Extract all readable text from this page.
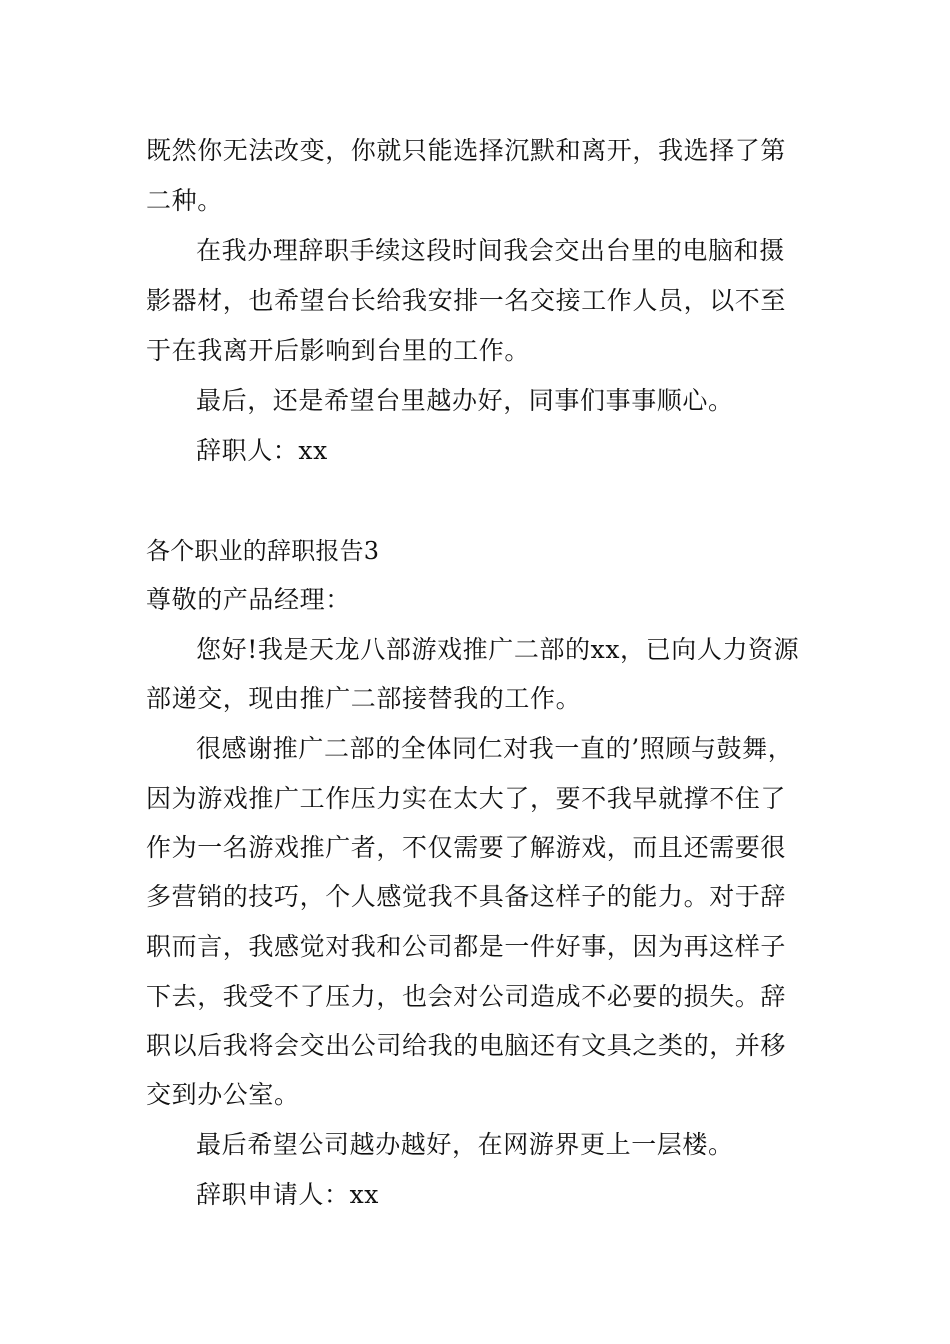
既然你无法改变，你就只能选择沉默和离开，我选择了第
二种。
在我办理辞职手续这段时间我会交出台里的电脑和摄
影器材，也希望台长给我安排一名交接工作人员，以不至
于在我离开后影响到台里的工作。
最后，还是希望台里越办好，同事们事事顺心。
辞职人：xx
各个职业的辞职报告3
尊敬的产品经理：
您好!我是天龙八部游戏推广二部的xx，已向人力资源
部递交，现由推广二部接替我的工作。
很感谢推广二部的全体同仁对我一直的’照顾与鼓舞，
因为游戏推广工作压力实在太大了，要不我早就撑不住了
作为一名游戏推广者，不仅需要了解游戏，而且还需要很
多营销的技巧，个人感觉我不具备这样子的能力。对于辞
职而言，我感觉对我和公司都是一件好事，因为再这样子
下去，我受不了压力，也会对公司造成不必要的损失。辞
职以后我将会交出公司给我的电脑还有文具之类的，并移
交到办公室。
最后希望公司越办越好，在网游界更上一层楼。
辞职申请人：xx
